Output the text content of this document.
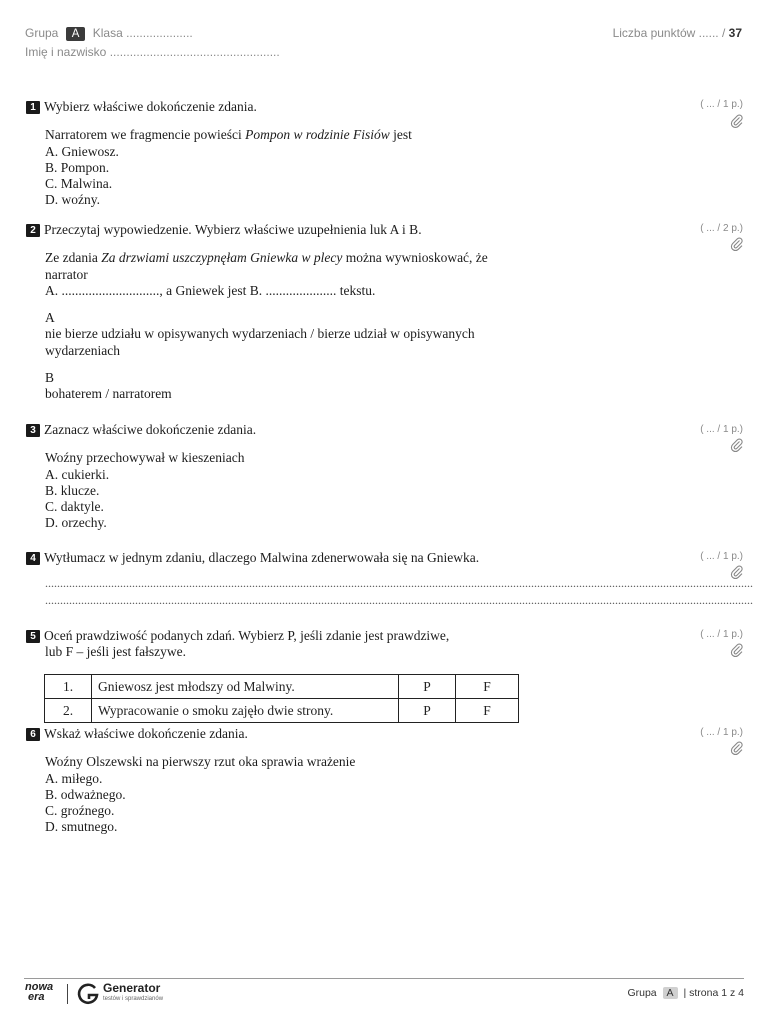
Grupa A Klasa ....................
Imię i nazwisko ...................................................
Liczba punktów ...... / 37
( ... / 1 p.)
1 Wybierz właściwe dokończenie zdania.
Narratorem we fragmencie powieści Pompon w rodzinie Fisiów jest
A. Gniewosz.
B. Pompon.
C. Malwina.
D. woźny.
( ... / 2 p.)
2 Przeczytaj wypowiedzenie. Wybierz właściwe uzupełnienia luk A i B.
Ze zdania Za drzwiami uszczypnęłam Gniewka w plecy można wywnioskować, że
narrator
A. ............................., a Gniewek jest B. ..................... tekstu.
A
nie bierze udziału w opisywanych wydarzeniach / bierze udział w opisywanych
wydarzeniach
B
bohaterem / narratorem
( ... / 1 p.)
3 Zaznacz właściwe dokończenie zdania.
Woźny przechowywał w kieszeniach
A. cukierki.
B. klucze.
C. daktyle.
D. orzechy.
( ... / 1 p.)
4 Wytłumacz w jednym zdaniu, dlaczego Malwina zdenerwowała się na Gniewka.
............................................................................................................................................................................................................................................
............................................................................................................................................................................................................................................
( ... / 1 p.)
5 Oceń prawdziwość podanych zdań. Wybierz P, jeśli zdanie jest prawdziwe,
lub F – jeśli jest fałszywe.
1.	Gniewosz jest młodszy od Malwiny.	P	F
2.	Wypracowanie o smoku zajęło dwie strony.	P	F
( ... / 1 p.)
6 Wskaż właściwe dokończenie zdania.
Woźny Olszewski na pierwszy rzut oka sprawia wrażenie
A. miłego.
B. odważnego.
C. groźnego.
D. smutnego.
nowa
era
Generator
testów i sprawdzianów	Grupa A | strona 1 z 4
